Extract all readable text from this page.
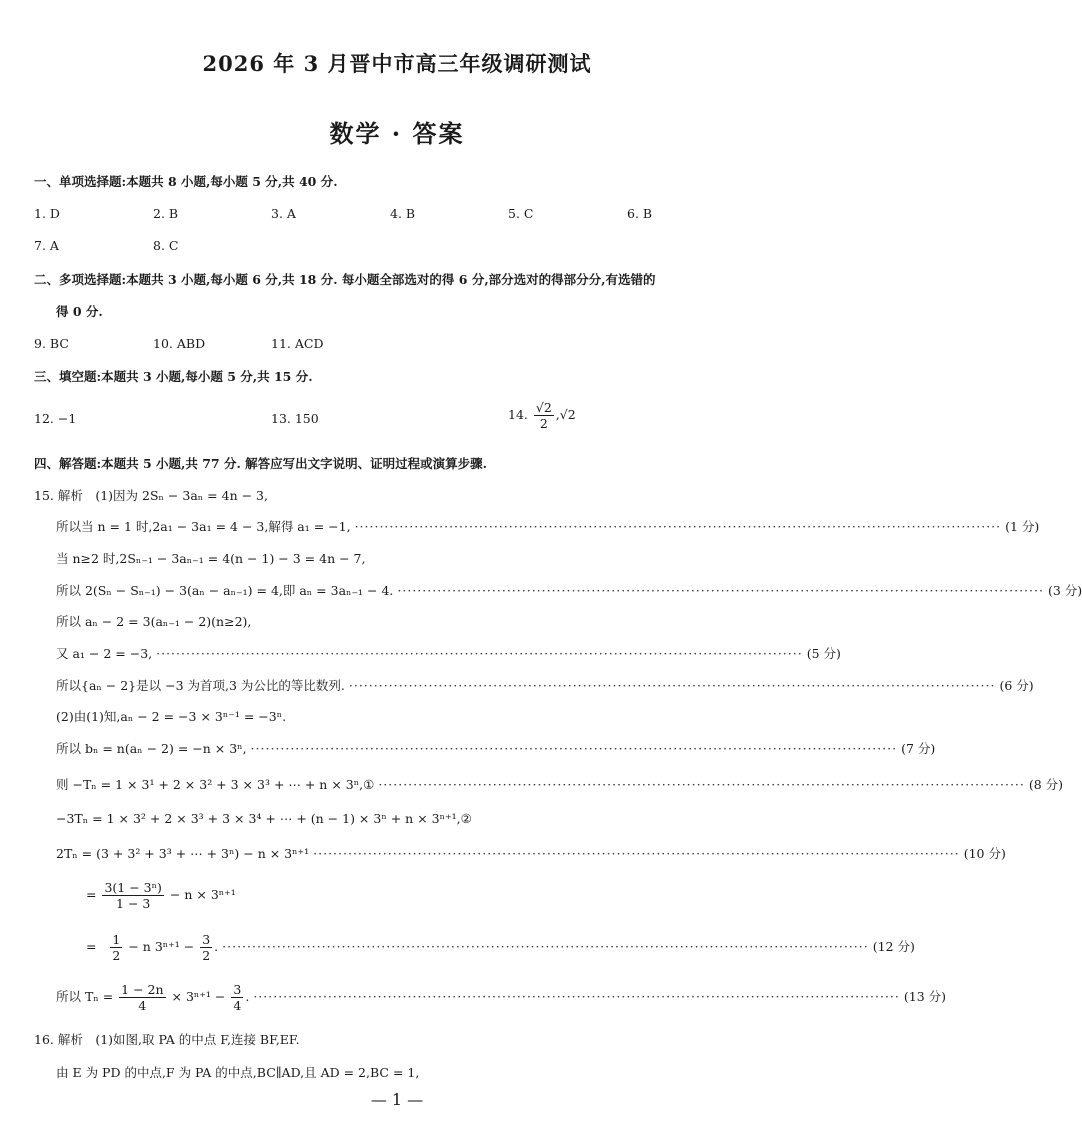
2026 年 3 月晋中市高三年级调研测试
数学 · 答案
一、单项选择题:本题共 8 小题,每小题 5 分,共 40 分.
1. D	2. B	3. A	4. B	5. C	6. B
7. A	8. C
二、多项选择题:本题共 3 小题,每小题 6 分,共 18 分. 每小题全部选对的得 6 分,部分选对的得部分分,有选错的
得 0 分.
9. BC	10. ABD	11. ACD
三、填空题:本题共 3 小题,每小题 5 分,共 15 分.
12. −1	13. 150	14. $\frac{√2}{2} ,√2$
四、解答题:本题共 5 小题,共 77 分. 解答应写出文字说明、证明过程或演算步骤.
15. 解析　(1)因为 2Sₙ − 3aₙ = 4n − 3,
所以当 n = 1 时,2a₁ − 3a₁ = 4 − 3,解得 a₁ = −1, ·································································································································· (1 分)
当 n≥2 时,2Sₙ₋₁ − 3aₙ₋₁ = 4(n − 1) − 3 = 4n − 7,
所以 2(Sₙ − Sₙ₋₁) − 3(aₙ − aₙ₋₁) = 4,即 aₙ = 3aₙ₋₁ − 4. ·································································································································· (3 分)
所以 aₙ − 2 = 3(aₙ₋₁ − 2)(n≥2),
又 a₁ − 2 = −3, ·································································································································· (5 分)
所以{aₙ − 2}是以 −3 为首项,3 为公比的等比数列. ·································································································································· (6 分)
(2)由(1)知,aₙ − 2 = −3 × 3ⁿ⁻¹ = −3ⁿ.
所以 bₙ = n(aₙ − 2) = −n × 3ⁿ, ·································································································································· (7 分)
则 −Tₙ = 1 × 3¹ + 2 × 3² + 3 × 3³ + ⋯ + n × 3ⁿ,① ·································································································································· (8 分)
−3Tₙ = 1 × 3² + 2 × 3³ + 3 × 3⁴ + ⋯ + (n − 1) × 3ⁿ + n × 3ⁿ⁺¹,②
2Tₙ = (3 + 3² + 3³ + ⋯ + 3ⁿ) − n × 3ⁿ⁺¹ ·································································································································· (10 分)
= $\frac{\text{3(1 − 3ⁿ)}}{1 - 3} - n \times 3^{n+1}$
= $\frac{1}{2} - n$ $3^{n+1} - \frac{3}{2}$ . ·································································································································· (12 分)
所以 $T_n = \frac{1 - 2n}{4} \times 3^{n+1} - \frac{3}{4}$ . ·································································································································· (13 分)
16. 解析　(1)如图,取 PA 的中点 F,连接 BF,EF.
由 E 为 PD 的中点,F 为 PA 的中点,BC∥AD,且 AD = 2,BC = 1,
— 1 —
